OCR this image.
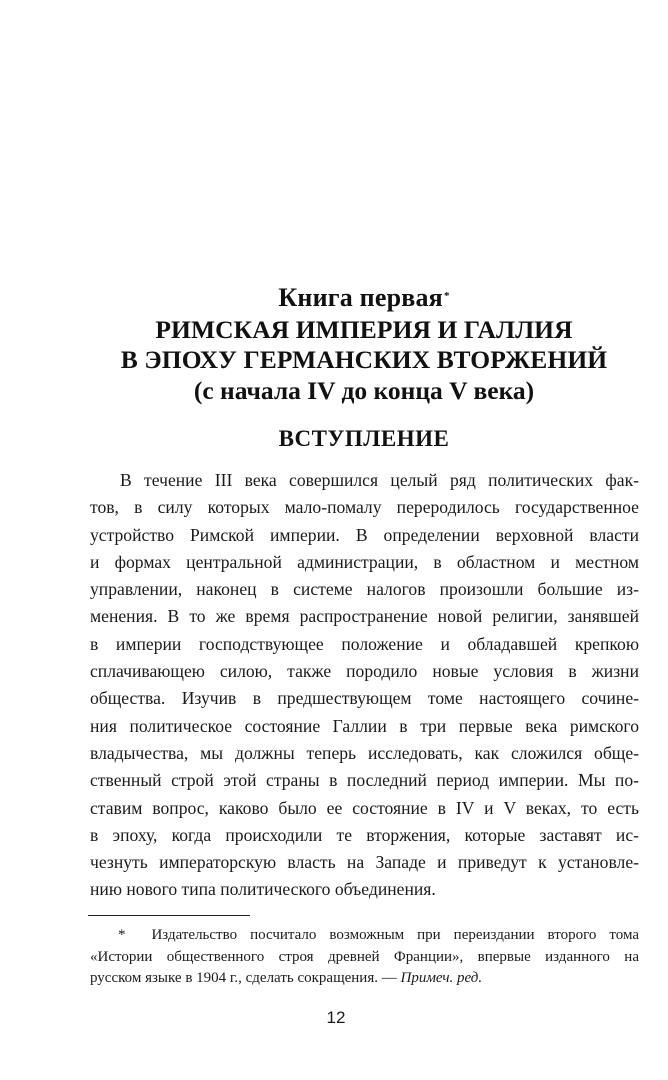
Книга первая*
РИМСКАЯ ИМПЕРИЯ И ГАЛЛИЯ
В ЭПОХУ ГЕРМАНСКИХ ВТОРЖЕНИЙ
(с начала IV до конца V века)
ВСТУПЛЕНИЕ
В течение III века совершился целый ряд политических фак-
тов, в силу которых мало-помалу переродилось государственное
устройство Римской империи. В определении верховной власти
и формах центральной администрации, в областном и местном
управлении, наконец в системе налогов произошли большие из-
менения. В то же время распространение новой религии, занявшей
в империи господствующее положение и обладавшей крепкою
сплачивающею силою, также породило новые условия в жизни
общества. Изучив в предшествующем томе настоящего сочине-
ния политическое состояние Галлии в три первые века римского
владычества, мы должны теперь исследовать, как сложился обще-
ственный строй этой страны в последний период империи. Мы по-
ставим вопрос, каково было ее состояние в IV и V веках, то есть
в эпоху, когда происходили те вторжения, которые заставят ис-
чезнуть императорскую власть на Западе и приведут к установле-
нию нового типа политического объединения.
* Издательство посчитало возможным при переиздании второго тома
«Истории общественного строя древней Франции», впервые изданного на
русском языке в 1904 г., сделать сокращения. — Примеч. ред.
12
